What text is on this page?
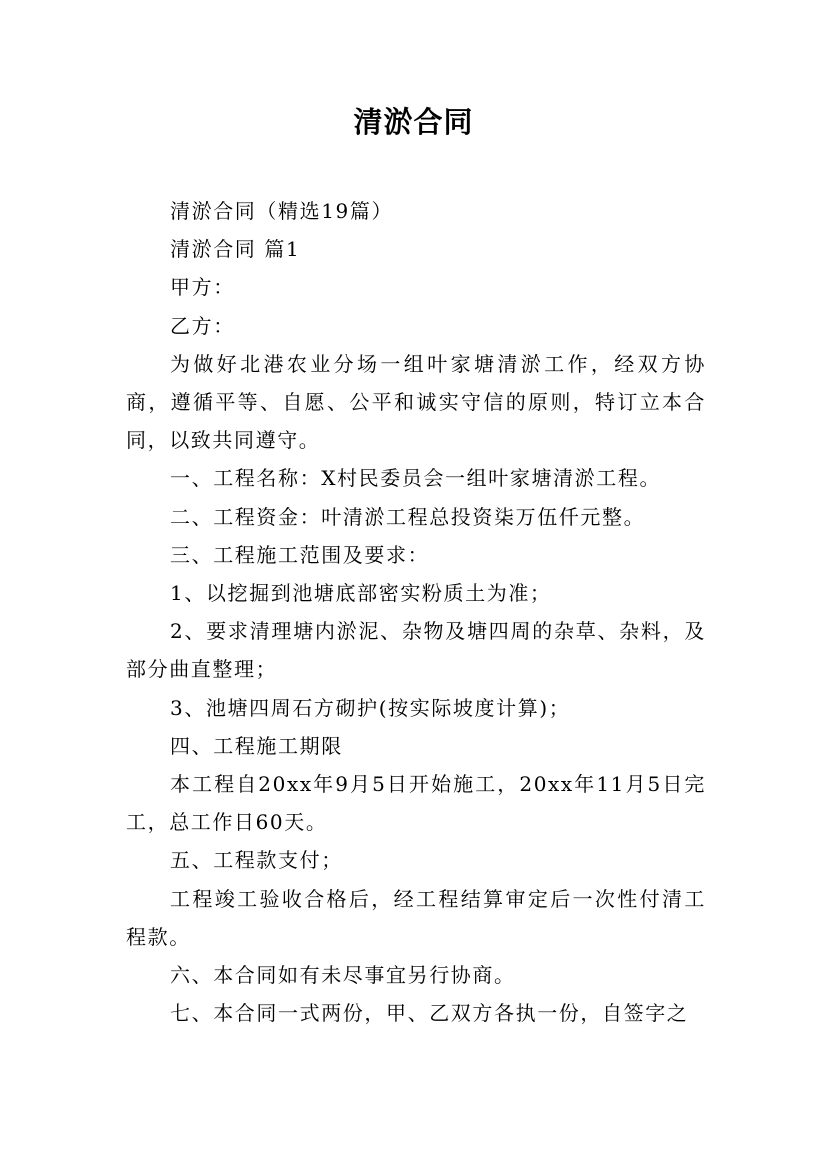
清淤合同

清淤合同（精选19篇）

清淤合同 篇1

甲方：

乙方：

为做好北港农业分场一组叶家塘清淤工作，经双方协商，遵循平等、自愿、公平和诚实守信的原则，特订立本合同，以致共同遵守。

一、工程名称：X村民委员会一组叶家塘清淤工程。

二、工程资金：叶清淤工程总投资柒万伍仟元整。

三、工程施工范围及要求：

1、以挖掘到池塘底部密实粉质土为准；

2、要求清理塘内淤泥、杂物及塘四周的杂草、杂料，及部分曲直整理；

3、池塘四周石方砌护(按实际坡度计算)；

四、工程施工期限

本工程自20xx年9月5日开始施工，20xx年11月5日完工，总工作日60天。

五、工程款支付；

工程竣工验收合格后，经工程结算审定后一次性付清工程款。

六、本合同如有未尽事宜另行协商。

七、本合同一式两份，甲、乙双方各执一份，自签字之
